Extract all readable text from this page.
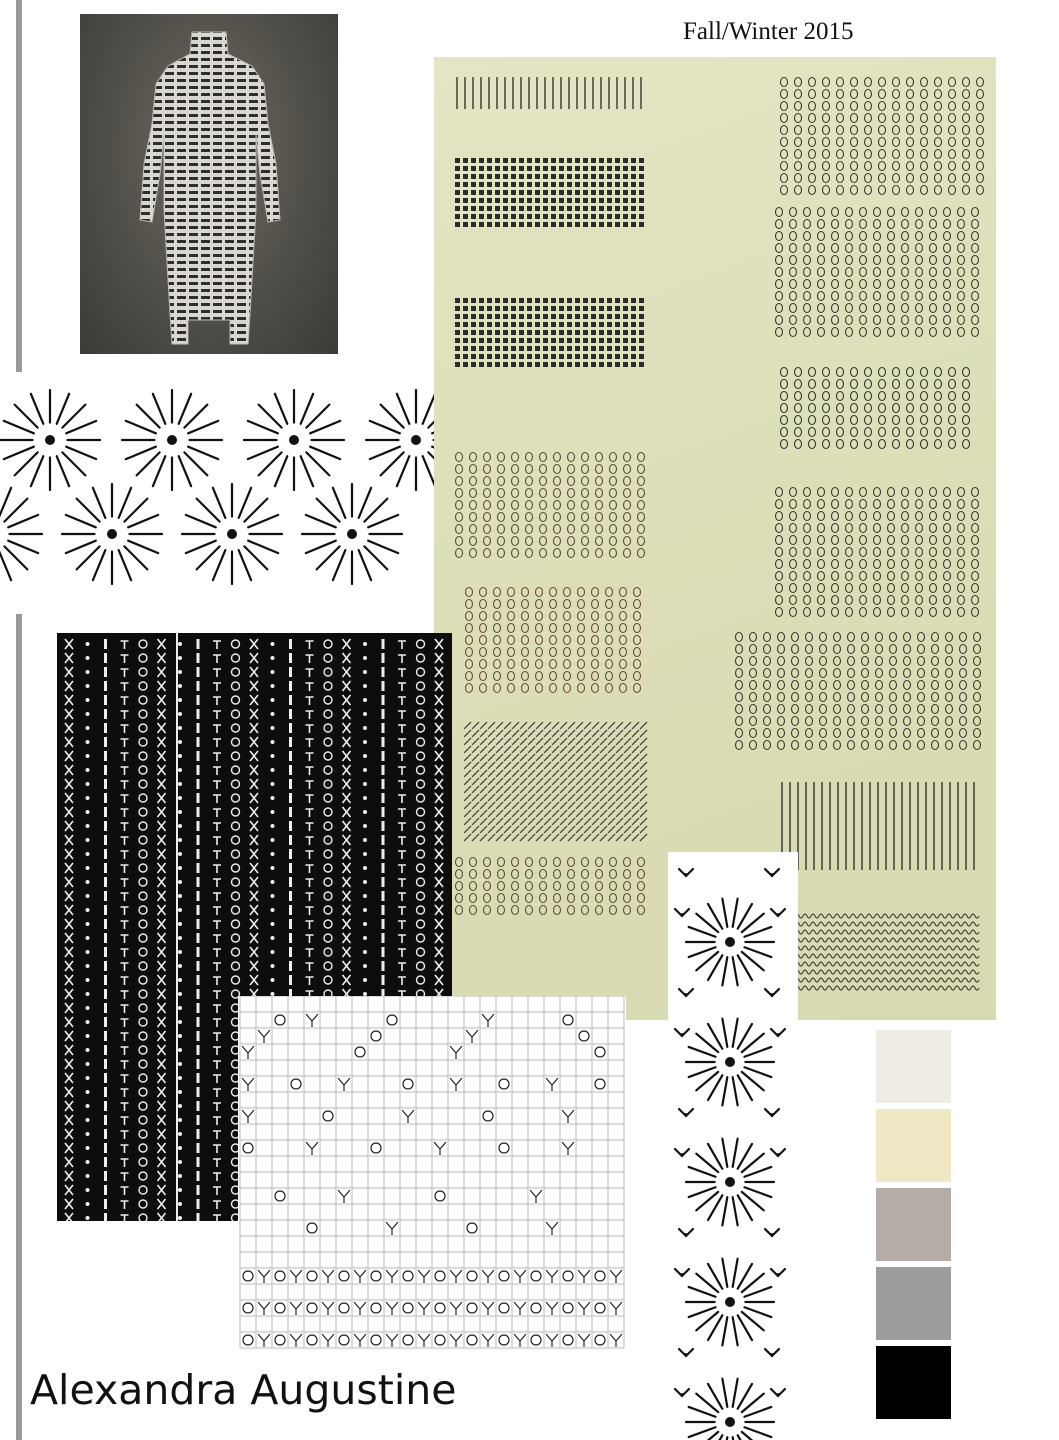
Fall/Winter 2015
Alexandra Augustine
